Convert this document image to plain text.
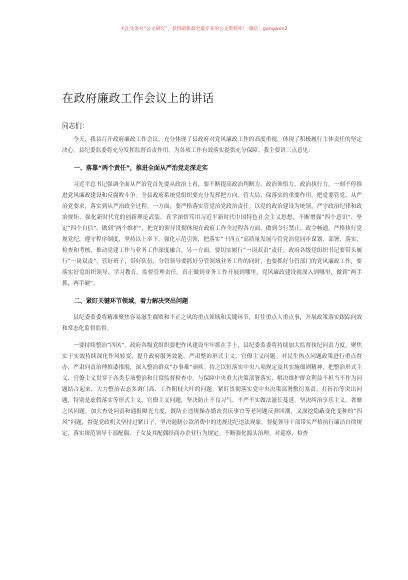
关注头条号“公文研究”，获得最新最全最专业的公文资料库！ 微信：gongwen2
在政府廉政工作会议上的讲话
同志们：

今天，我县召开政府廉政工作会议，充分体现了县政府对党风廉政工作的高度重视，体现了积极履行主体责任的坚定决心。县纪委监委将充分发挥监督首责作用，为各项工作有效落实提供充分保障。我主要讲三点意见：

一、落靠“两个责任”，推进全面从严治党走深走实

习近平总书记强调全面从严治党首先要从政治上看，要不断提高政治判断力、政治领悟力、政治执行力，一刻不停推进党风廉政建设和反腐败斗争。全县政府系统党组织要充分发挥把方向、管大局、保落实的重要作用，把党要管党、从严治党要求，落实到从严治政全过程。一方面，要严格落实管党治党政治责任。以党的政治建设为统领，严守政治纪律和政治规矩，强化新时代党的创新理论武装。真学深悟笃用习近平新时代中国特色社会主义思想，不断增强“四个意识”、坚定“四个自信”、做到“两个维护”，把党的领导贯彻体现在政府工作全过程各方面，做到令行禁止、政令畅通。严格执行党规党纪，遵守程序制度，坚持以上率下，强化示范引领，把落实“十四五”高质量发展与管党治党同步谋划、部署、落实、检查和考核，推动党建工作与业务工作深度融合。另一方面，要切实履行“一岗双责”责任。政府各级党组织书记要带头履行“一岗双责”，管好班子，带好队伍，分管领导要抓好分管领域业务工作的同时，也要抓好分管部门的党风廉政工作，要落实好党组织领导、学习教育、监督管理责任。真正做到业务工作开展到哪里，党风廉政建设就深入到哪里，做到“两手抓，两手硬”。

二、紧盯关键环节领域，着力解决突出问题

县纪委监委将精准聚焦容易滋生腐败和不正之风的重点领域和关键环节，盯住重点人重点事，开展政策落实跟踪问效和常态化监督监督。

一要持续整治“四风”。政府各级党组织要把作风建设牢牢抓在手上，县纪委监委将持续加大监督执纪问责力度，聚焦实干实效持续深化作风转变，提升政府服务效能。严肃整治形式主义、官僚主义问题。对民生热点问题政策进行重点督办，严肃问责治理推诿推脱，深入整治群众“办事难”顽疾。持之以恒落实中央八项规定及其实施细则精神，把整治形式主义、官僚主义贯穿于各类专项整治和日常监督检查中，与保障中央重大决策部署落实、解决维护群众利益不担当不作为问题结合起来，大力整治表态多调门高、工作粗枝大叶的问题。紧盯贯彻落实党中央决策部署敷衍塞责、打折扣等突出问题，特别是虚假落实等形式主义、官僚主义问题，坚决防止不良习气、不严不实做法滋长蔓延。坚决纠治享乐主义、奢靡之风问题。加大查处问责和通报曝光力度，既防止违规操办婚丧喜庆事宜等老问题反弹回潮，又深挖隐蔽变化变种的“四风”问题，督促党政机关坚持过紧日子，坚决遏制公款消费中的违规违纪违法现象。督促领导干部带头严格执行廉洁自律规定，落实规范领导干部配偶、子女及其配偶经商办企业行为规定。不断强化源头治理。对巡察、检查
